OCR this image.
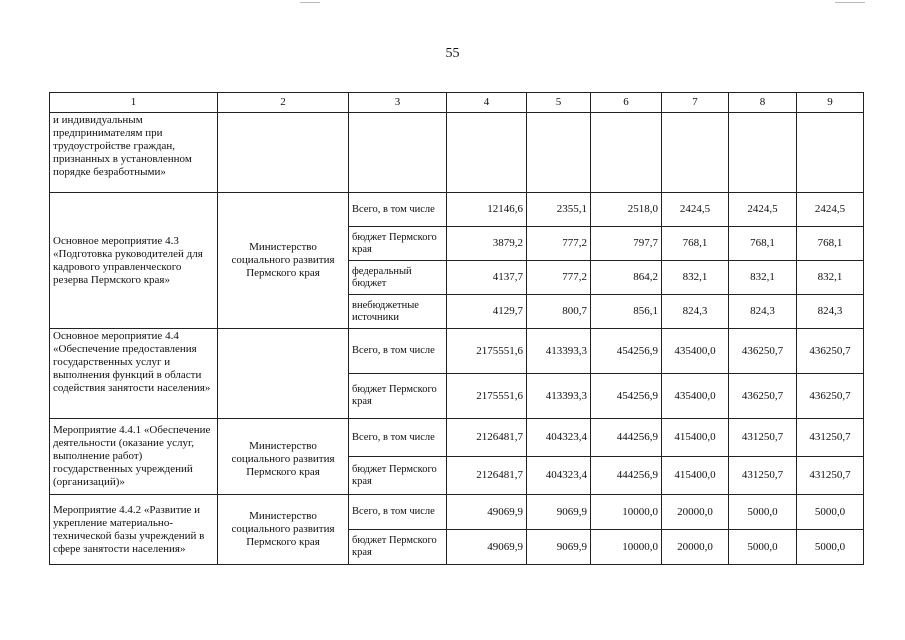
55
1	2	3	4	5	6	7	8	9
и индивидуальным предпринимателям при трудоустройстве граждан, признанных в установленном порядке безработными»								
Основное мероприятие 4.3 «Подготовка руководителей для кадрового управленческого резерва Пермского края»	Министерство социального развития Пермского края	Всего, в том числе	12146,6	2355,1	2518,0	2424,5	2424,5	2424,5
		бюджет Пермского края	3879,2	777,2	797,7	768,1	768,1	768,1
		федеральный бюджет	4137,7	777,2	864,2	832,1	832,1	832,1
		внебюджетные источники	4129,7	800,7	856,1	824,3	824,3	824,3
Основное мероприятие 4.4 «Обеспечение предоставления государственных услуг и выполнения функций в области содействия занятости населения»		Всего, в том числе	2175551,6	413393,3	454256,9	435400,0	436250,7	436250,7
		бюджет Пермского края	2175551,6	413393,3	454256,9	435400,0	436250,7	436250,7
Мероприятие 4.4.1 «Обеспечение деятельности (оказание услуг, выполнение работ) государственных учреждений (организаций)»	Министерство социального развития Пермского края	Всего, в том числе	2126481,7	404323,4	444256,9	415400,0	431250,7	431250,7
		бюджет Пермского края	2126481,7	404323,4	444256,9	415400,0	431250,7	431250,7
Мероприятие 4.4.2 «Развитие и укрепление материально-технической базы учреждений в сфере занятости населения»	Министерство социального развития Пермского края	Всего, в том числе	49069,9	9069,9	10000,0	20000,0	5000,0	5000,0
		бюджет Пермского края	49069,9	9069,9	10000,0	20000,0	5000,0	5000,0
